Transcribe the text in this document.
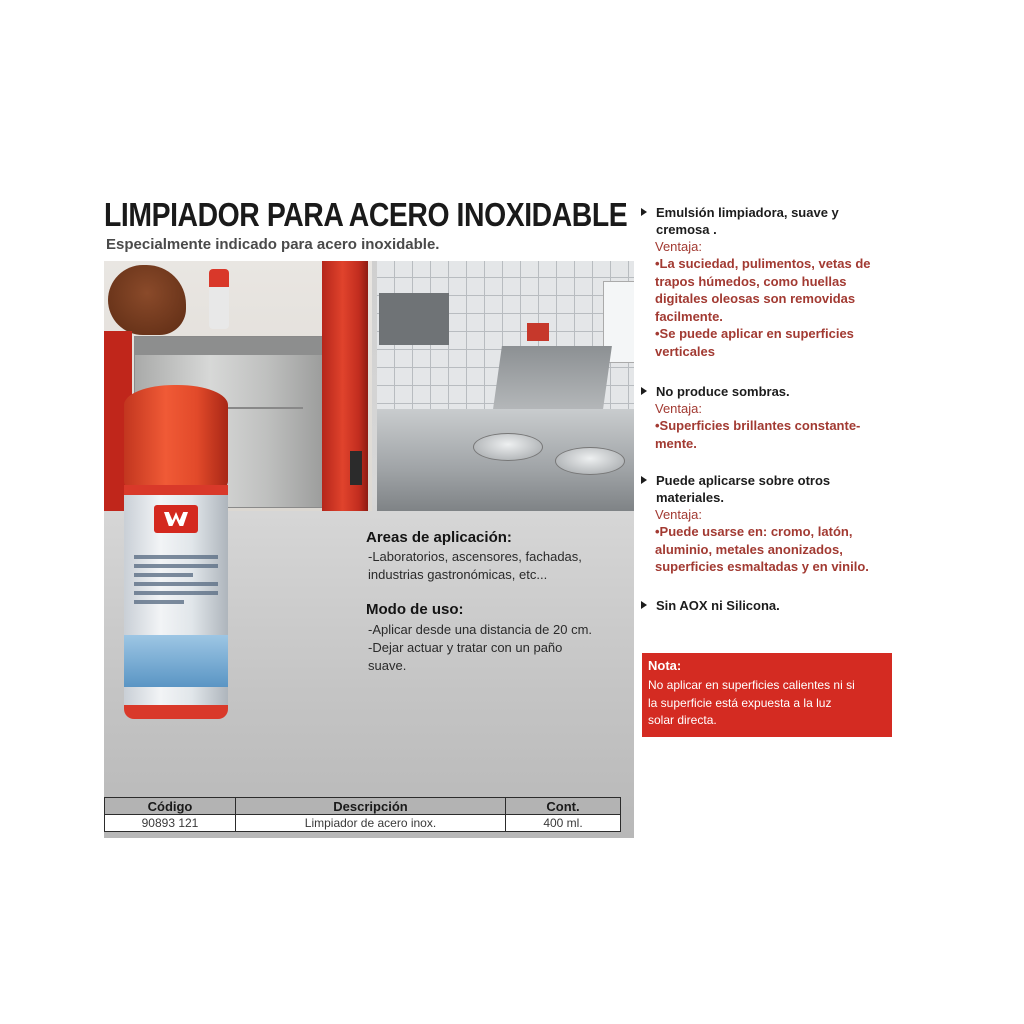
LIMPIADOR PARA ACERO INOXIDABLE

Especialmente indicado para acero inoxidable.

Areas de aplicación:

-Laboratorios, ascensores, fachadas,

industrias gastronómicas, etc...

Modo de uso:

-Aplicar desde una distancia de 20 cm.

-Dejar actuar y tratar con un paño

suave.

Código	Descripción	Cont.
90893 121	Limpiador de acero inox.	400 ml.

Emulsión limpiadora, suave y
cremosa .

Ventaja:

•La suciedad, pulimentos, vetas de
trapos húmedos, como huellas
digitales oleosas son removidas
facilmente.
•Se puede aplicar en superficies
verticales

No produce sombras.

Ventaja:

•Superficies brillantes constante-
mente.

Puede aplicarse sobre otros
materiales.

Ventaja:

•Puede usarse en: cromo, latón,
aluminio, metales anonizados,
superficies esmaltadas y en vinilo.

Sin AOX ni Silicona.

Nota:

No aplicar en superficies calientes ni si
la superficie está expuesta a la luz
solar directa.
